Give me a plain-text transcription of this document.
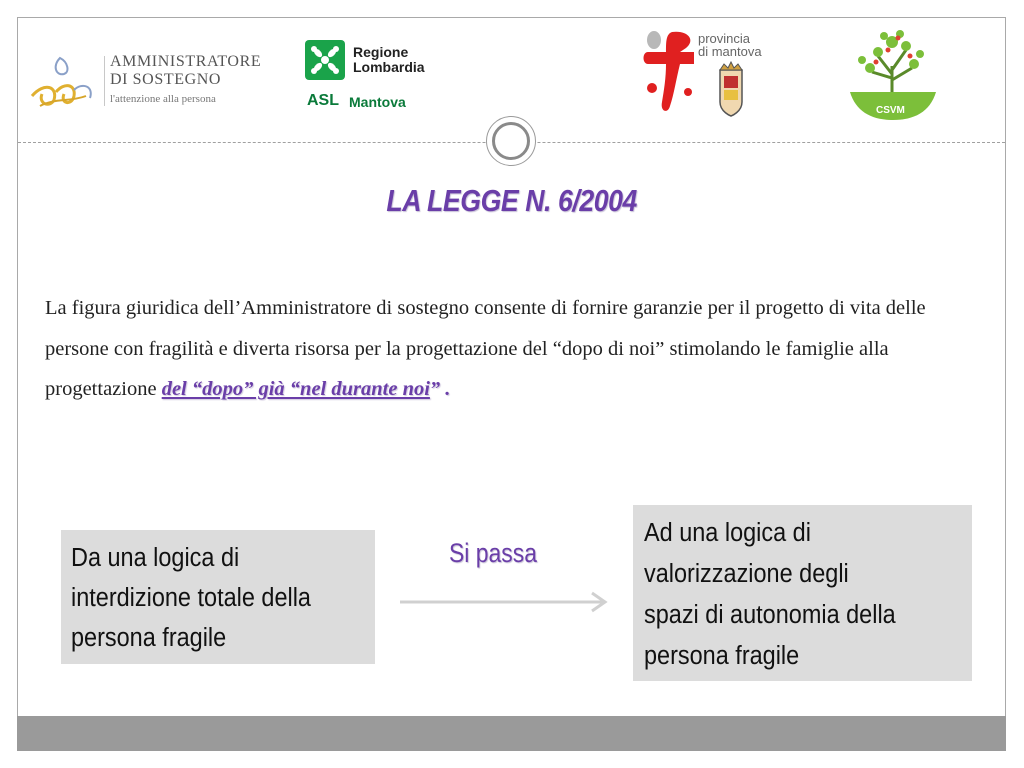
AMMINISTRATORE
DI SOSTEGNO
l'attenzione alla persona
Regione
Lombardia
ASL Mantova
provincia
di mantova
CSVM
LA LEGGE N. 6/2004
La figura giuridica dell’Amministratore di sostegno consente di fornire garanzie per il progetto di vita delle persone con fragilità e diverta risorsa per la progettazione del “dopo di noi” stimolando le famiglie alla progettazione del “dopo” già “nel durante noi” .
Da una logica di
interdizione totale della
persona fragile
Si passa
Ad una logica di
valorizzazione degli
spazi di autonomia della
persona fragile
